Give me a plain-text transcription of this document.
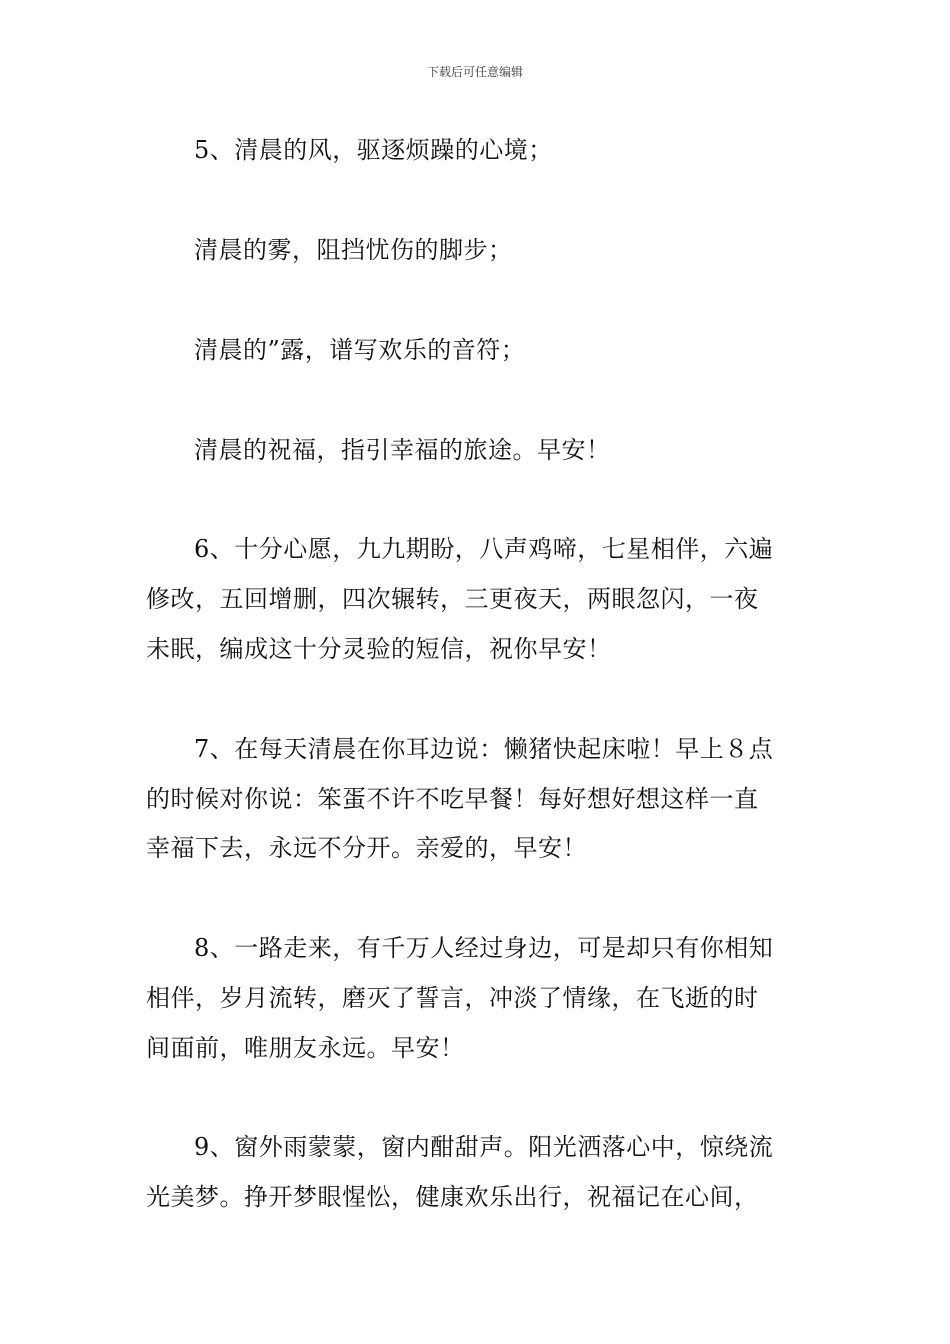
下载后可任意编辑
5、清晨的风，驱逐烦躁的心境；
清晨的雾，阻挡忧伤的脚步；
清晨的”露，谱写欢乐的音符；
清晨的祝福，指引幸福的旅途。早安！
6、十分心愿，九九期盼，八声鸡啼，七星相伴，六遍
修改，五回增删，四次辗转，三更夜天，两眼忽闪，一夜
未眠，编成这十分灵验的短信，祝你早安！
7、在每天清晨在你耳边说：懒猪快起床啦！早上８点
的时候对你说：笨蛋不许不吃早餐！每好想好想这样一直
幸福下去，永远不分开。亲爱的，早安！
8、一路走来，有千万人经过身边，可是却只有你相知
相伴，岁月流转，磨灭了誓言，冲淡了情缘，在飞逝的时
间面前，唯朋友永远。早安！
9、窗外雨蒙蒙，窗内酣甜声。阳光洒落心中，惊绕流
光美梦。挣开梦眼惺忪，健康欢乐出行，祝福记在心间，
